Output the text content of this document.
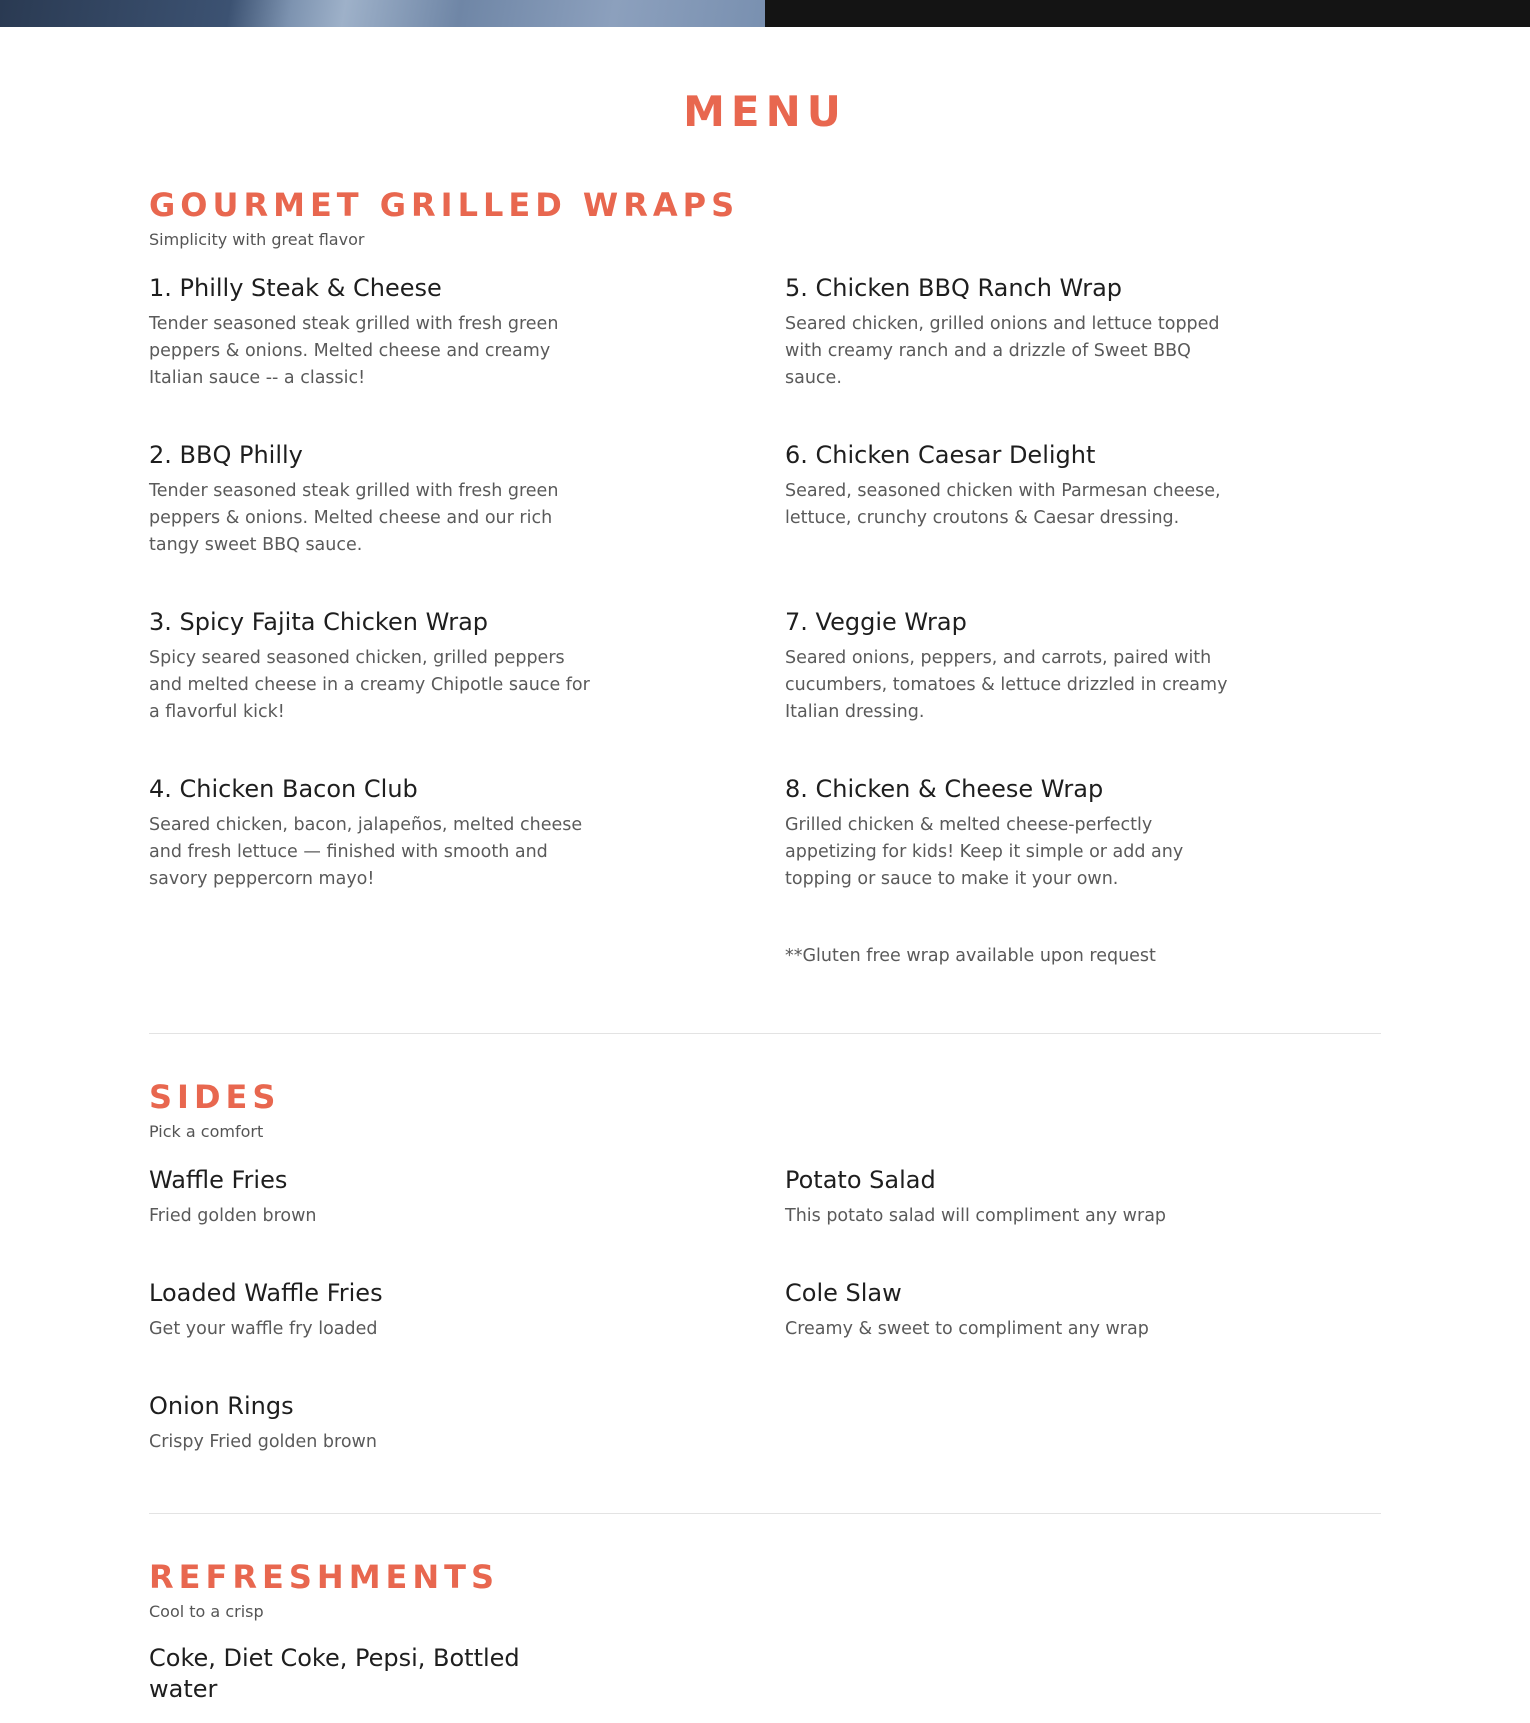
MENU
GOURMET GRILLED WRAPS

Simplicity with great flavor

1. Philly Steak & Cheese

Tender seasoned steak grilled with fresh green peppers & onions. Melted cheese and creamy Italian sauce -- a classic!

2. BBQ Philly

Tender seasoned steak grilled with fresh green peppers & onions. Melted cheese and our rich tangy sweet BBQ sauce.

3. Spicy Fajita Chicken Wrap

Spicy seared seasoned chicken, grilled peppers and melted cheese in a creamy Chipotle sauce for a flavorful kick!

4. Chicken Bacon Club

Seared chicken, bacon, jalapeños, melted cheese and fresh lettuce — finished with smooth and savory peppercorn mayo!

5. Chicken BBQ Ranch Wrap

Seared chicken, grilled onions and lettuce topped with creamy ranch and a drizzle of Sweet BBQ sauce.

6. Chicken Caesar Delight

Seared, seasoned chicken with Parmesan cheese, lettuce, crunchy croutons & Caesar dressing.

7. Veggie Wrap

Seared onions, peppers, and carrots, paired with cucumbers, tomatoes & lettuce drizzled in creamy Italian dressing.

8. Chicken & Cheese Wrap

Grilled chicken & melted cheese-perfectly appetizing for kids! Keep it simple or add any topping or sauce to make it your own.

**Gluten free wrap available upon request

SIDES

Pick a comfort

Waffle Fries

Fried golden brown

Loaded Waffle Fries

Get your waffle fry loaded

Onion Rings

Crispy Fried golden brown

Potato Salad

This potato salad will compliment any wrap

Cole Slaw

Creamy & sweet to compliment any wrap

REFRESHMENTS

Cool to a crisp

Coke, Diet Coke, Pepsi, Bottled water
